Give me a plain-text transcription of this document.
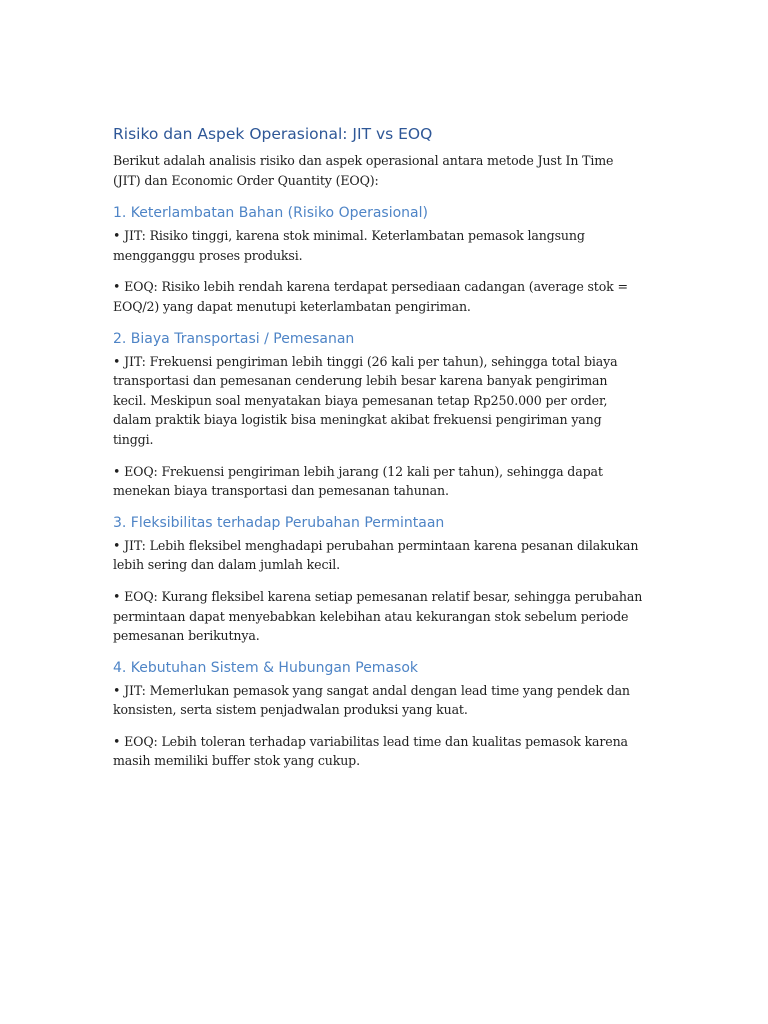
Risiko dan Aspek Operasional: JIT vs EOQ

Berikut adalah analisis risiko dan aspek operasional antara metode Just In Time (JIT) dan Economic Order Quantity (EOQ):

1. Keterlambatan Bahan (Risiko Operasional)

• JIT: Risiko tinggi, karena stok minimal. Keterlambatan pemasok langsung mengganggu proses produksi.

• EOQ: Risiko lebih rendah karena terdapat persediaan cadangan (average stok = EOQ/2) yang dapat menutupi keterlambatan pengiriman.

2. Biaya Transportasi / Pemesanan

• JIT: Frekuensi pengiriman lebih tinggi (26 kali per tahun), sehingga total biaya transportasi dan pemesanan cenderung lebih besar karena banyak pengiriman kecil. Meskipun soal menyatakan biaya pemesanan tetap Rp250.000 per order, dalam praktik biaya logistik bisa meningkat akibat frekuensi pengiriman yang tinggi.

• EOQ: Frekuensi pengiriman lebih jarang (12 kali per tahun), sehingga dapat menekan biaya transportasi dan pemesanan tahunan.

3. Fleksibilitas terhadap Perubahan Permintaan

• JIT: Lebih fleksibel menghadapi perubahan permintaan karena pesanan dilakukan lebih sering dan dalam jumlah kecil.

• EOQ: Kurang fleksibel karena setiap pemesanan relatif besar, sehingga perubahan permintaan dapat menyebabkan kelebihan atau kekurangan stok sebelum periode pemesanan berikutnya.

4. Kebutuhan Sistem & Hubungan Pemasok

• JIT: Memerlukan pemasok yang sangat andal dengan lead time yang pendek dan konsisten, serta sistem penjadwalan produksi yang kuat.

• EOQ: Lebih toleran terhadap variabilitas lead time dan kualitas pemasok karena masih memiliki buffer stok yang cukup.
